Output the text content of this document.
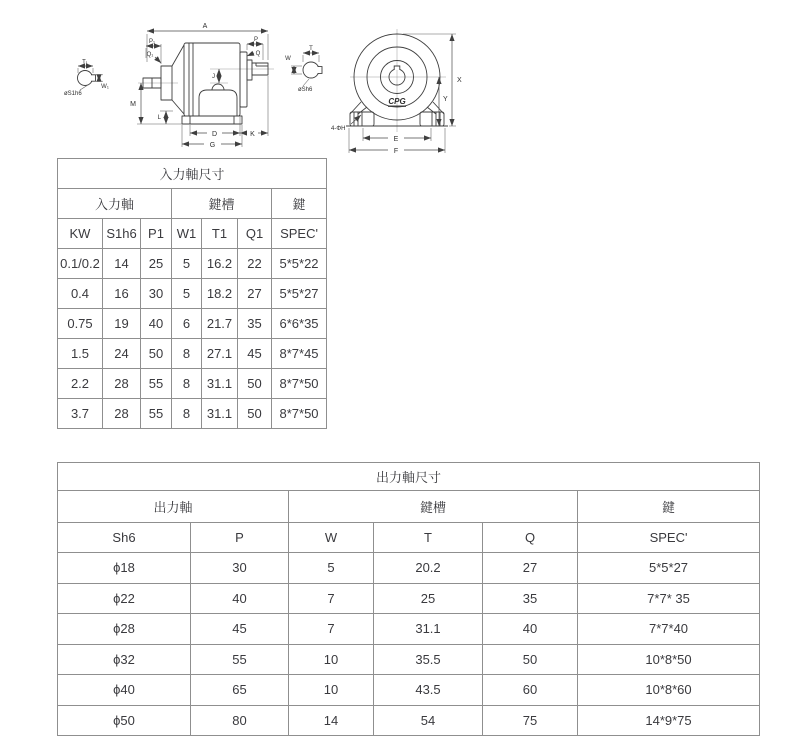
A
P₁
Q₁
P
Q
J
M
L
D	K
G
T₁
W₁
øS1h6
T
W
øSh6
CPG
X
Y
E
F
4-ΦH
入力軸尺寸						
入力軸			鍵槽			鍵
KW	S1h6	P1	W1	T1	Q1	SPEC'
0.1/0.2	14	25	5	16.2	22	5*5*22
0.4	16	30	5	18.2	27	5*5*27
0.75	19	40	6	21.7	35	6*6*35
1.5	24	50	8	27.1	45	8*7*45
2.2	28	55	8	31.1	50	8*7*50
3.7	28	55	8	31.1	50	8*7*50
出力軸尺寸					
出力軸		鍵槽			鍵
Sh6	P	W	T	Q	SPEC'
ϕ18	30	5	20.2	27	5*5*27
ϕ22	40	7	25	35	7*7* 35
ϕ28	45	7	31.1	40	7*7*40
ϕ32	55	10	35.5	50	10*8*50
ϕ40	65	10	43.5	60	10*8*60
ϕ50	80	14	54	75	14*9*75
